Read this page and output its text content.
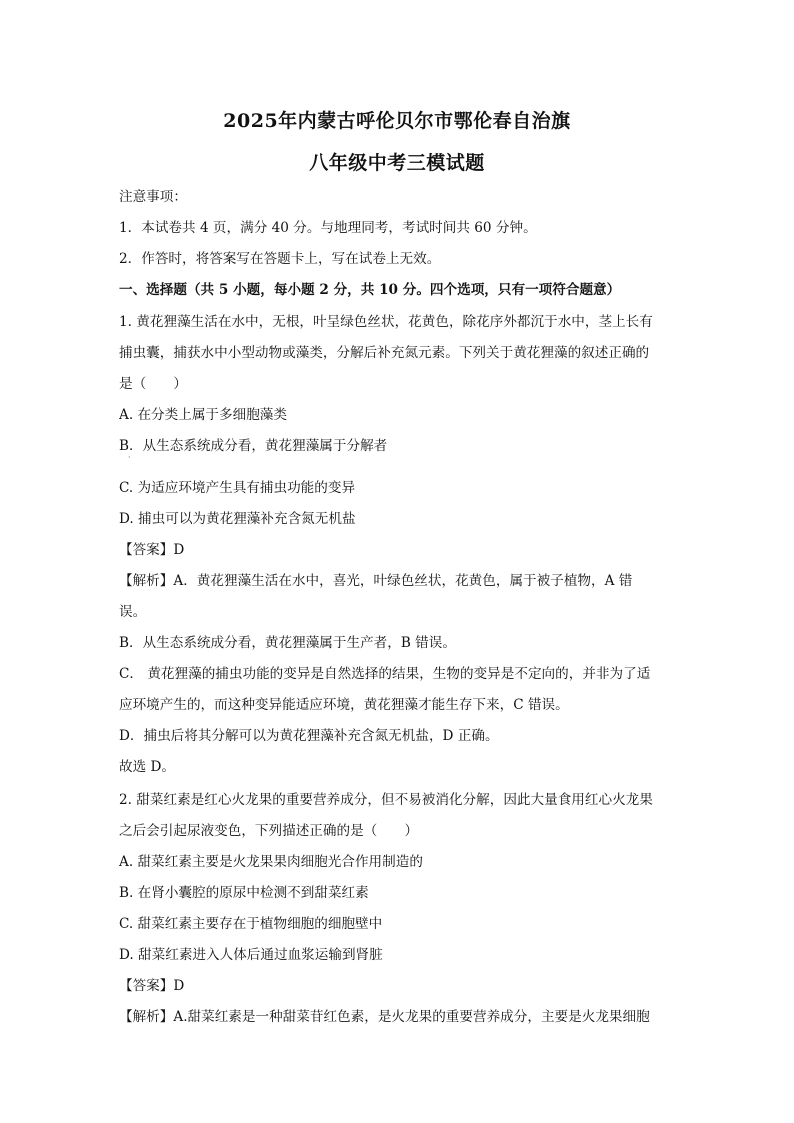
2025年内蒙古呼伦贝尔市鄂伦春自治旗
八年级中考三模试题
注意事项：
1．本试卷共 4 页，满分 40 分。与地理同考，考试时间共 60 分钟。
2．作答时，将答案写在答题卡上，写在试卷上无效。
一、选择题（共 5 小题，每小题 2 分，共 10 分。四个选项，只有一项符合题意）
1. 黄花狸藻生活在水中，无根，叶呈绿色丝状，花黄色，除花序外都沉于水中，茎上长有
捕虫囊，捕获水中小型动物或藻类，分解后补充氮元素。下列关于黄花狸藻的叙述正确的
是（　　）
A. 在分类上属于多细胞藻类
B．从生态系统成分看，黄花狸藻属于分解者
·
C. 为适应环境产生具有捕虫功能的变异
D. 捕虫可以为黄花狸藻补充含氮无机盐
【答案】D
【解析】A．黄花狸藻生活在水中，喜光，叶绿色丝状，花黄色，属于被子植物，A 错
误。
B．从生态系统成分看，黄花狸藻属于生产者，B 错误。
C． 黄花狸藻的捕虫功能的变异是自然选择的结果，生物的变异是不定向的，并非为了适
应环境产生的，而这种变异能适应环境，黄花狸藻才能生存下来，C 错误。
D．捕虫后将其分解可以为黄花狸藻补充含氮无机盐，D 正确。
故选 D。
2. 甜菜红素是红心火龙果的重要营养成分，但不易被消化分解，因此大量食用红心火龙果
之后会引起尿液变色，下列描述正确的是（　　）
A. 甜菜红素主要是火龙果果肉细胞光合作用制造的
B. 在肾小囊腔的原尿中检测不到甜菜红素
C. 甜菜红素主要存在于植物细胞的细胞壁中
D. 甜菜红素进入人体后通过血浆运输到肾脏
【答案】D
【解析】A.甜菜红素是一种甜菜苷红色素，是火龙果的重要营养成分，主要是火龙果细胞
